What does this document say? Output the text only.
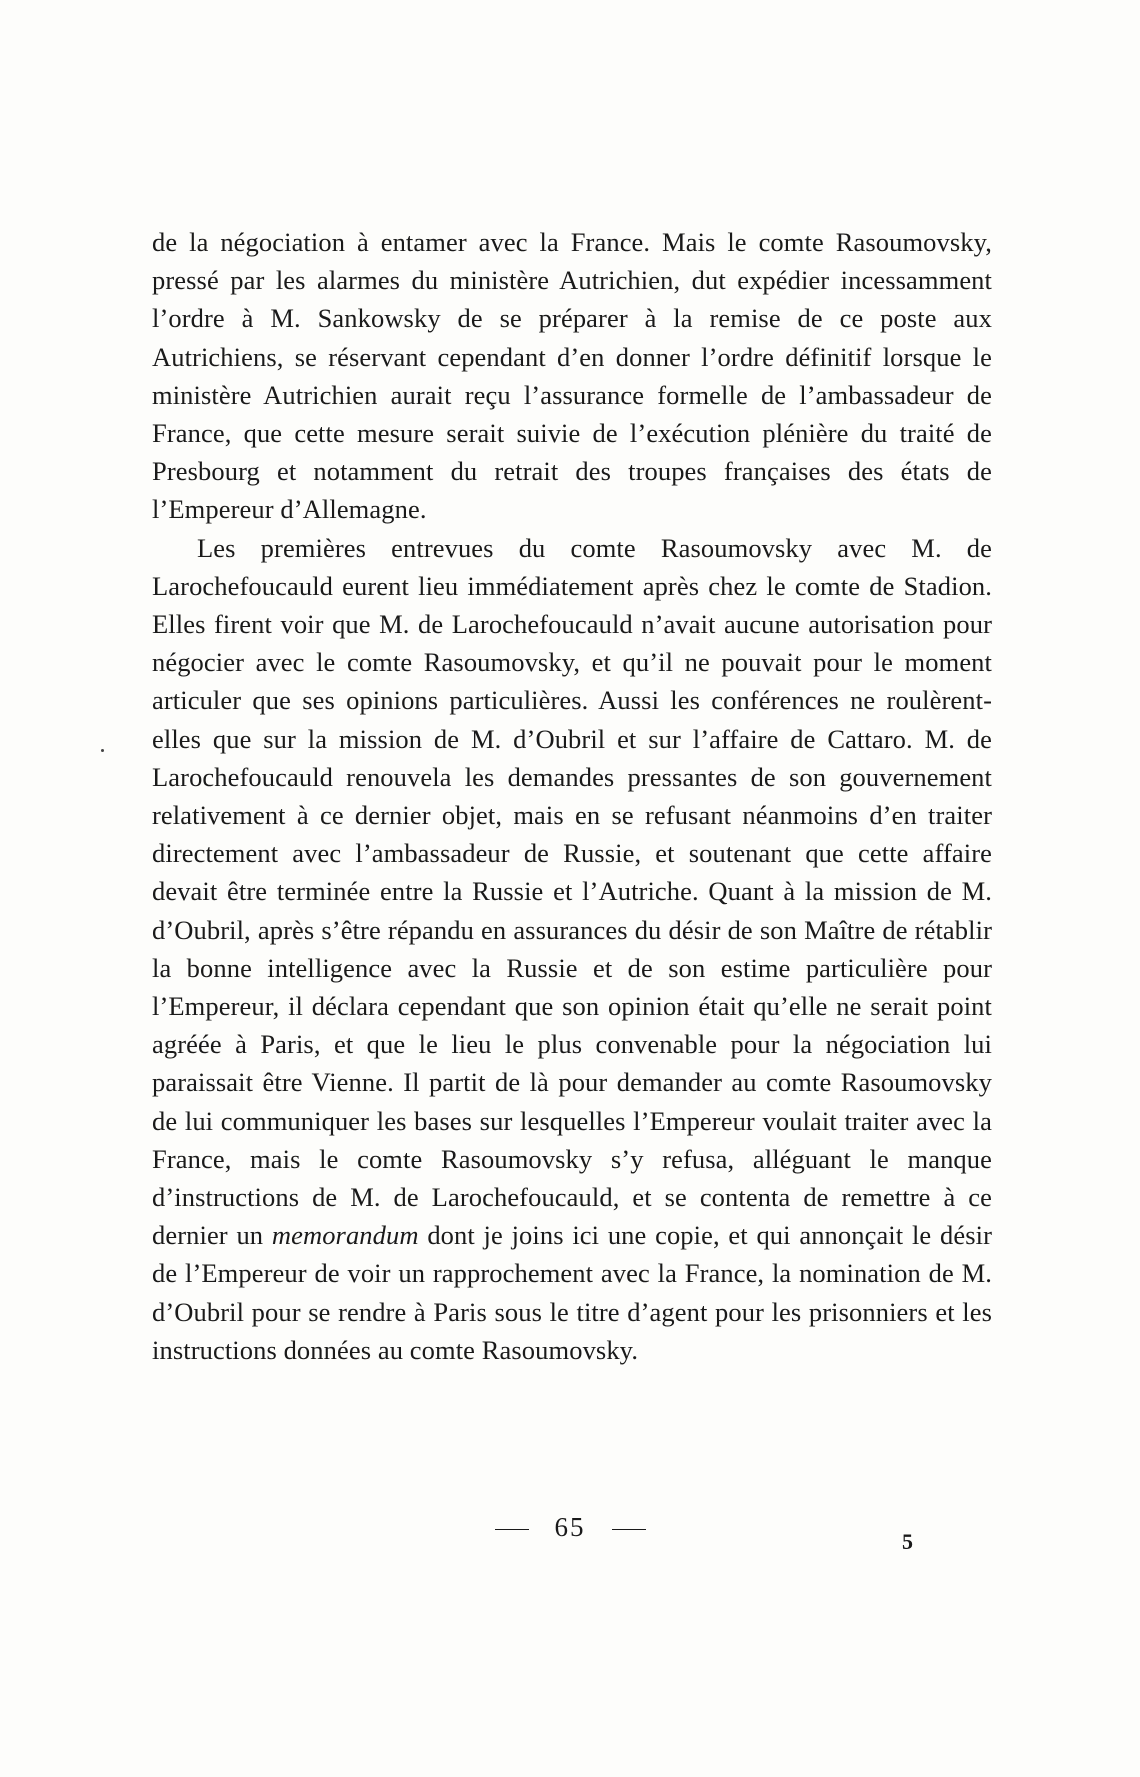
de la négociation à entamer avec la France. Mais le comte Rasoumovsky, pressé par les alarmes du ministère Autrichien, dut expédier incessamment l’ordre à M. Sankowsky de se préparer à la remise de ce poste aux Autrichiens, se réservant cependant d’en donner l’ordre définitif lorsque le ministère Autrichien aurait reçu l’assurance formelle de l’ambassadeur de France, que cette mesure serait suivie de l’exécution plénière du traité de Presbourg et notamment du retrait des troupes françaises des états de l’Empereur d’Allemagne.

Les premières entrevues du comte Rasoumovsky avec M. de Larochefoucauld eurent lieu immédiatement après chez le comte de Stadion. Elles firent voir que M. de Larochefoucauld n’avait aucune autorisation pour négocier avec le comte Rasoumovsky, et qu’il ne pouvait pour le moment articuler que ses opinions particulières. Aussi les conférences ne roulèrent-elles que sur la mission de M. d’Oubril et sur l’affaire de Cattaro. M. de Larochefoucauld renouvela les demandes pressantes de son gouvernement relativement à ce dernier objet, mais en se refusant néanmoins d’en traiter directement avec l’ambassadeur de Russie, et soutenant que cette affaire devait être terminée entre la Russie et l’Autriche. Quant à la mission de M. d’Oubril, après s’être répandu en assurances du désir de son Maître de rétablir la bonne intelligence avec la Russie et de son estime particulière pour l’Empereur, il déclara cependant que son opinion était qu’elle ne serait point agréée à Paris, et que le lieu le plus convenable pour la négociation lui paraissait être Vienne. Il partit de là pour demander au comte Rasoumovsky de lui communiquer les bases sur lesquelles l’Empereur voulait traiter avec la France, mais le comte Rasoumovsky s’y refusa, alléguant le manque d’instructions de M. de Larochefoucauld, et se contenta de remettre à ce dernier un memorandum dont je joins ici une copie, et qui annonçait le désir de l’Empereur de voir un rapprochement avec la France, la nomination de M. d’Oubril pour se rendre à Paris sous le titre d’agent pour les prisonniers et les instructions données au comte Rasoumovsky.

65	5
